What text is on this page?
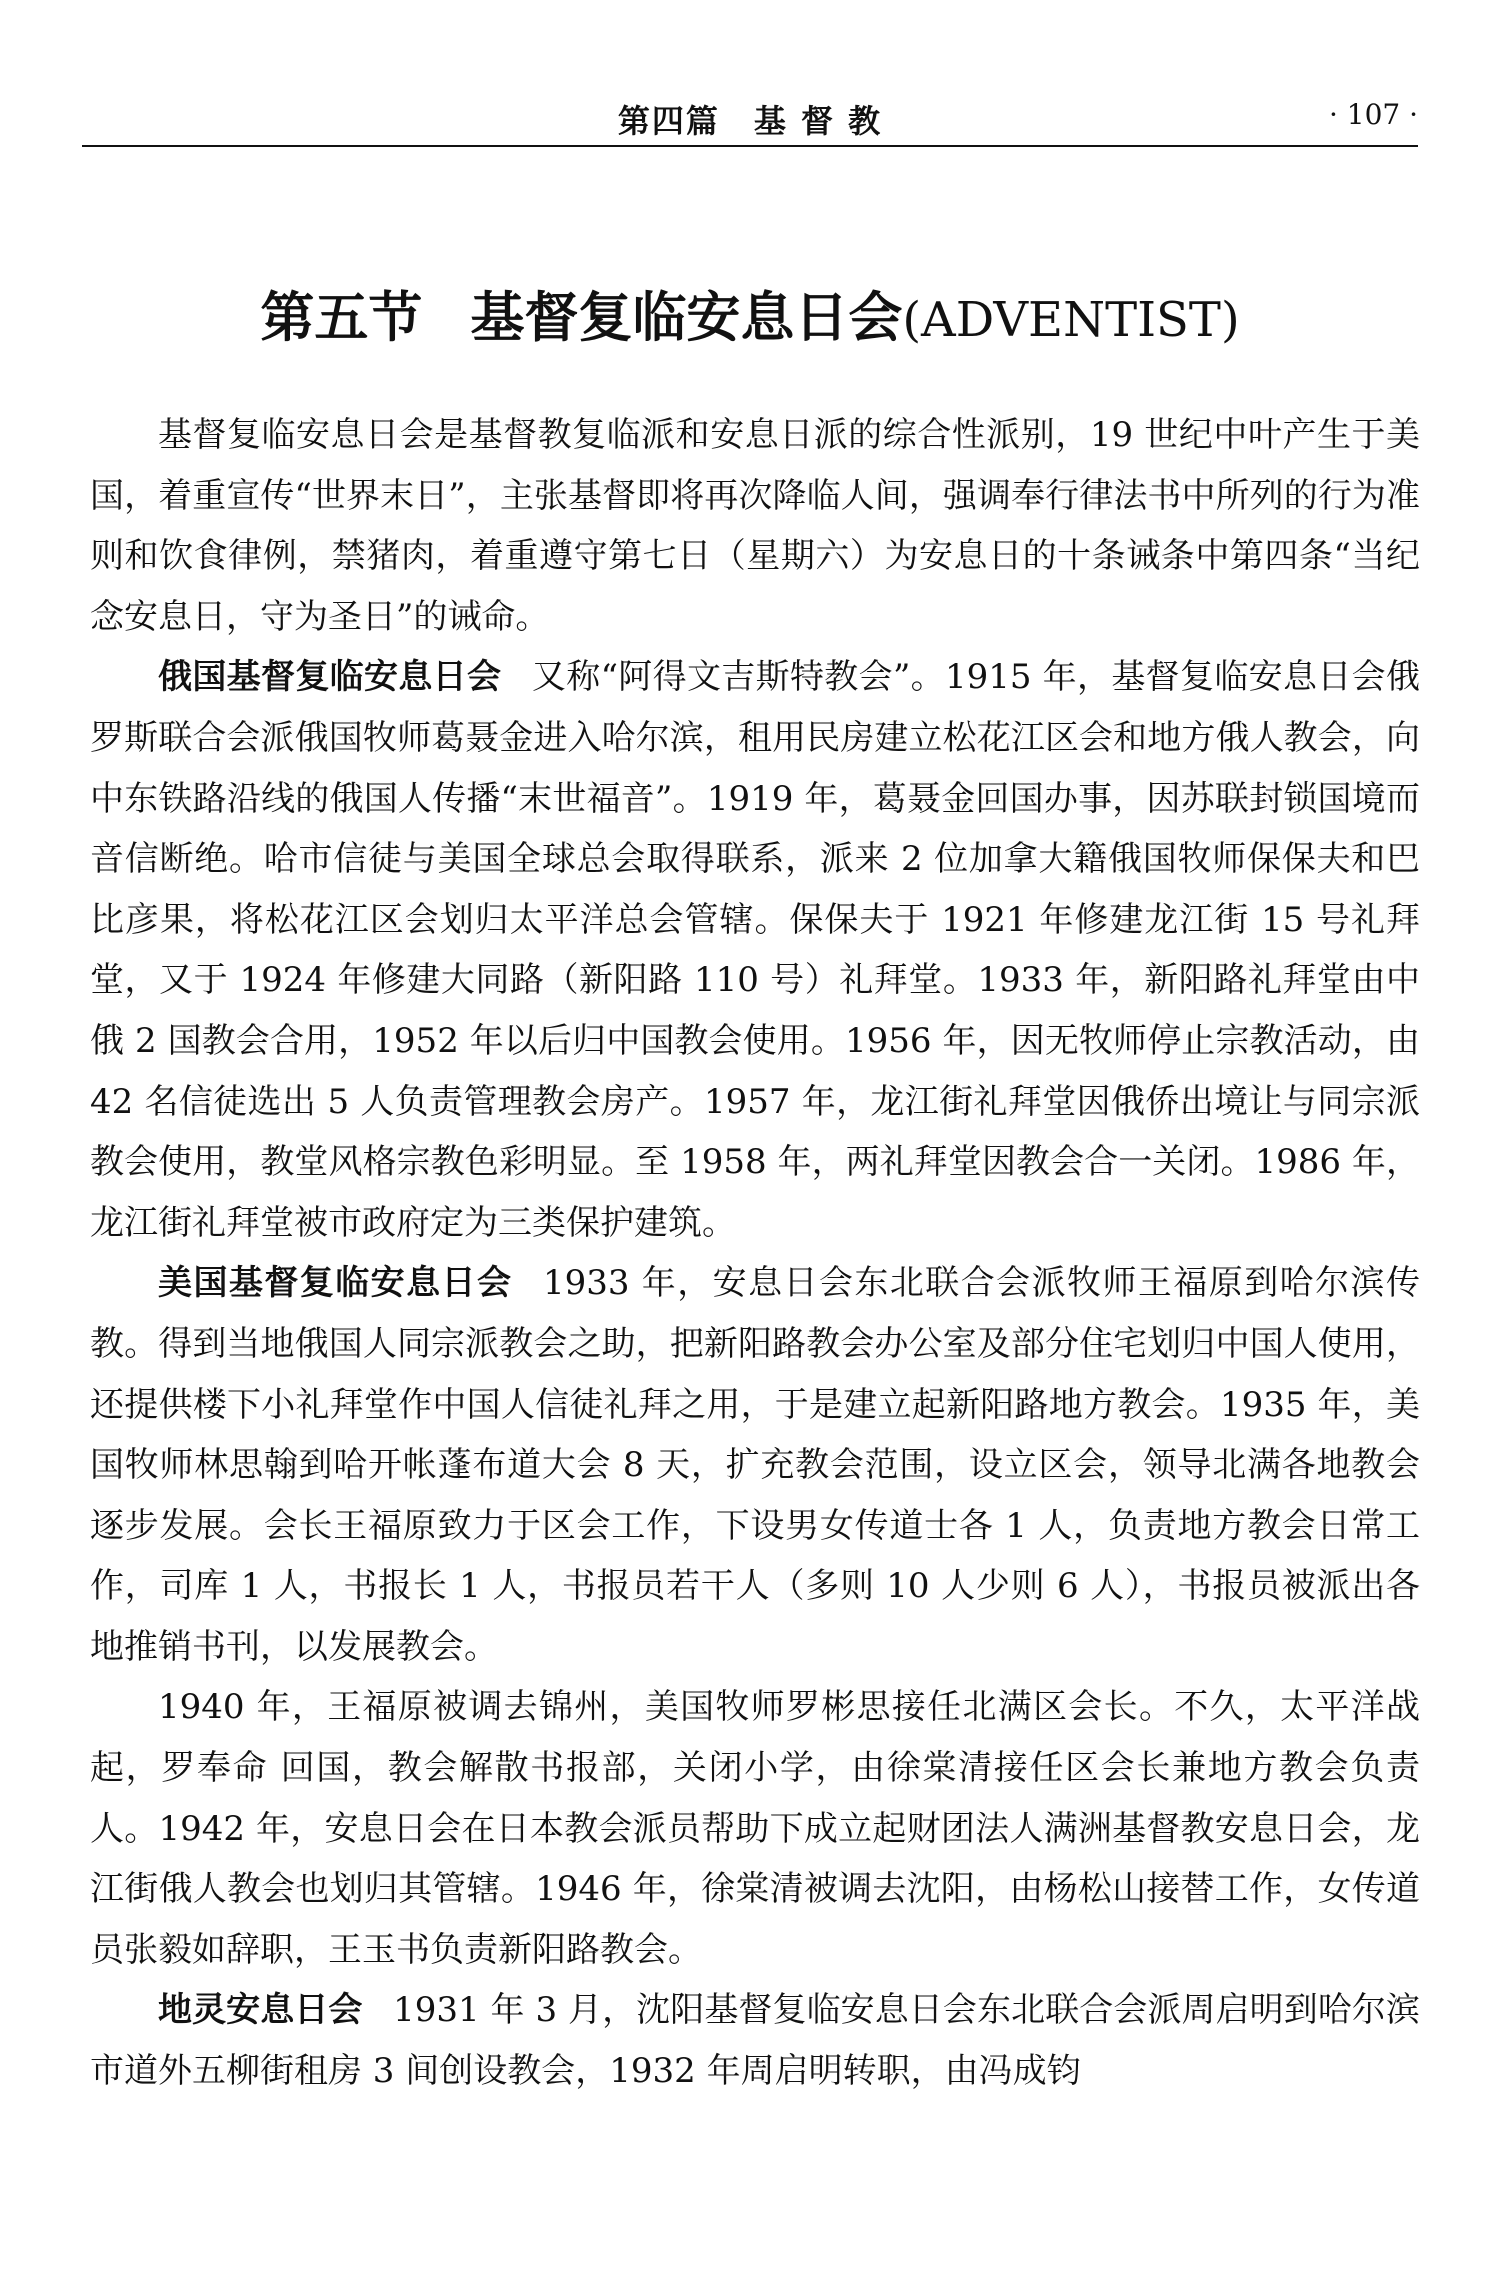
第四篇　基 督 教	· 107 ·
第五节 基督复临安息日会(ADVENTIST)

基督复临安息日会是基督教复临派和安息日派的综合性派别，19 世纪中叶产生于美国，着重宣传“世界末日”，主张基督即将再次降临人间，强调奉行律法书中所列的行为准则和饮食律例，禁猪肉，着重遵守第七日（星期六）为安息日的十条诫条中第四条“当纪念安息日，守为圣日”的诫命。

俄国基督复临安息日会 又称“阿得文吉斯特教会”。1915 年，基督复临安息日会俄罗斯联合会派俄国牧师葛聂金进入哈尔滨，租用民房建立松花江区会和地方俄人教会，向中东铁路沿线的俄国人传播“末世福音”。1919 年，葛聂金回国办事，因苏联封锁国境而音信断绝。哈市信徒与美国全球总会取得联系，派来 2 位加拿大籍俄国牧师保保夫和巴比彦果，将松花江区会划归太平洋总会管辖。保保夫于 1921 年修建龙江街 15 号礼拜堂，又于 1924 年修建大同路（新阳路 110 号）礼拜堂。1933 年，新阳路礼拜堂由中俄 2 国教会合用，1952 年以后归中国教会使用。1956 年，因无牧师停止宗教活动，由 42 名信徒选出 5 人负责管理教会房产。1957 年，龙江街礼拜堂因俄侨出境让与同宗派教会使用，教堂风格宗教色彩明显。至 1958 年，两礼拜堂因教会合一关闭。1986 年，龙江街礼拜堂被市政府定为三类保护建筑。

美国基督复临安息日会 1933 年，安息日会东北联合会派牧师王福原到哈尔滨传教。得到当地俄国人同宗派教会之助，把新阳路教会办公室及部分住宅划归中国人使用，还提供楼下小礼拜堂作中国人信徒礼拜之用，于是建立起新阳路地方教会。1935 年，美国牧师林思翰到哈开帐蓬布道大会 8 天，扩充教会范围，设立区会，领导北满各地教会逐步发展。会长王福原致力于区会工作，下设男女传道士各 1 人，负责地方教会日常工作，司库 1 人，书报长 1 人，书报员若干人（多则 10 人少则 6 人），书报员被派出各地推销书刊，以发展教会。

1940 年，王福原被调去锦州，美国牧师罗彬思接任北满区会长。不久，太平洋战起，罗奉命 回国，教会解散书报部，关闭小学，由徐棠清接任区会长兼地方教会负责人。1942 年，安息日会在日本教会派员帮助下成立起财团法人满洲基督教安息日会，龙江街俄人教会也划归其管辖。1946 年，徐棠清被调去沈阳，由杨松山接替工作，女传道员张毅如辞职，王玉书负责新阳路教会。

地灵安息日会 1931 年 3 月，沈阳基督复临安息日会东北联合会派周启明到哈尔滨市道外五柳街租房 3 间创设教会，1932 年周启明转职，由冯成钧
